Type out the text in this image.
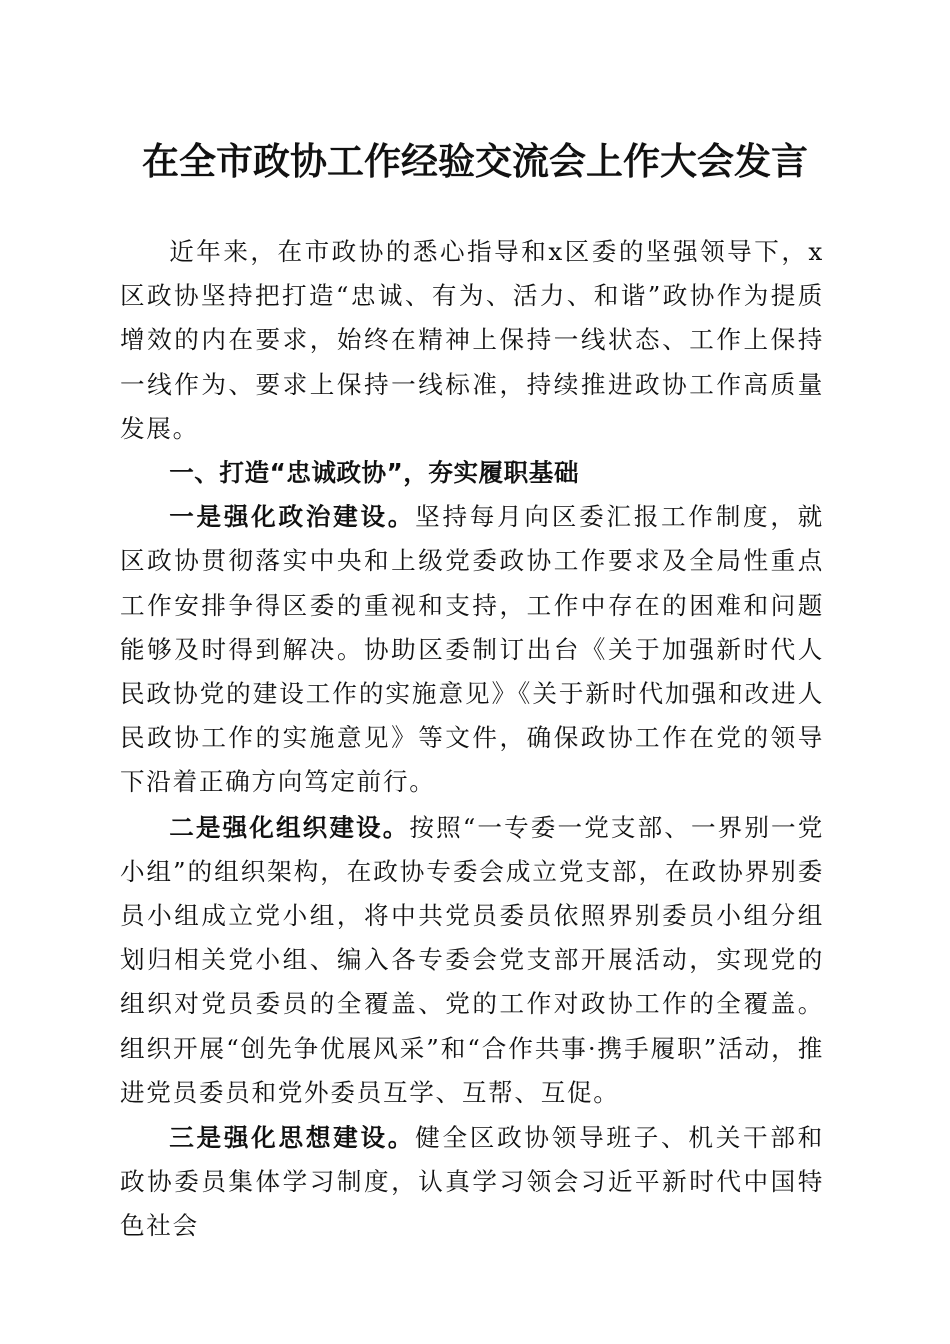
在全市政协工作经验交流会上作大会发言

近年来，在市政协的悉心指导和x区委的坚强领导下，x区政协坚持把打造“忠诚、有为、活力、和谐”政协作为提质增效的内在要求，始终在精神上保持一线状态、工作上保持一线作为、要求上保持一线标准，持续推进政协工作高质量发展。

一、打造“忠诚政协”，夯实履职基础

一是强化政治建设。坚持每月向区委汇报工作制度，就区政协贯彻落实中央和上级党委政协工作要求及全局性重点工作安排争得区委的重视和支持，工作中存在的困难和问题能够及时得到解决。协助区委制订出台《关于加强新时代人民政协党的建设工作的实施意见》《关于新时代加强和改进人民政协工作的实施意见》等文件，确保政协工作在党的领导下沿着正确方向笃定前行。

二是强化组织建设。按照“一专委一党支部、一界别一党小组”的组织架构，在政协专委会成立党支部，在政协界别委员小组成立党小组，将中共党员委员依照界别委员小组分组划归相关党小组、编入各专委会党支部开展活动，实现党的组织对党员委员的全覆盖、党的工作对政协工作的全覆盖。组织开展“创先争优展风采”和“合作共事·携手履职”活动，推进党员委员和党外委员互学、互帮、互促。

三是强化思想建设。健全区政协领导班子、机关干部和政协委员集体学习制度，认真学习领会习近平新时代中国特色社会
